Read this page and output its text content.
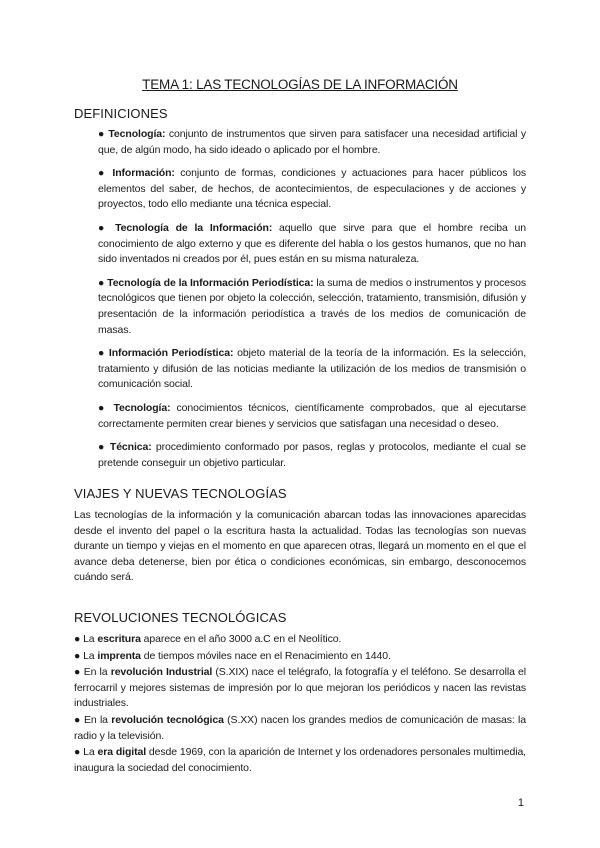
TEMA 1: LAS TECNOLOGÍAS DE LA INFORMACIÓN
DEFINICIONES

● Tecnología: conjunto de instrumentos que sirven para satisfacer una necesidad artificial y que, de algún modo, ha sido ideado o aplicado por el hombre.

● Información: conjunto de formas, condiciones y actuaciones para hacer públicos los elementos del saber, de hechos, de acontecimientos, de especulaciones y de acciones y proyectos, todo ello mediante una técnica especial.

● Tecnología de la Información: aquello que sirve para que el hombre reciba un conocimiento de algo externo y que es diferente del habla o los gestos humanos, que no han sido inventados ni creados por él, pues están en su misma naturaleza.

● Tecnología de la Información Periodística: la suma de medios o instrumentos y procesos tecnológicos que tienen por objeto la colección, selección, tratamiento, transmisión, difusión y presentación de la información periodística a través de los medios de comunicación de masas.

● Información Periodística: objeto material de la teoría de la información. Es la selección, tratamiento y difusión de las noticias mediante la utilización de los medios de transmisión o comunicación social.

● Tecnología: conocimientos técnicos, científicamente comprobados, que al ejecutarse correctamente permiten crear bienes y servicios que satisfagan una necesidad o deseo.

● Técnica: procedimiento conformado por pasos, reglas y protocolos, mediante el cual se pretende conseguir un objetivo particular.

VIAJES Y NUEVAS TECNOLOGÍAS

Las tecnologías de la información y la comunicación abarcan todas las innovaciones aparecidas desde el invento del papel o la escritura hasta la actualidad. Todas las tecnologías son nuevas durante un tiempo y viejas en el momento en que aparecen otras, llegará un momento en el que el avance deba detenerse, bien por ética o condiciones económicas, sin embargo, desconocemos cuándo será.

REVOLUCIONES TECNOLÓGICAS

● La escritura aparece en el año 3000 a.C en el Neolítico.

● La imprenta de tiempos móviles nace en el Renacimiento en 1440.

● En la revolución Industrial (S.XIX) nace el telégrafo, la fotografía y el teléfono. Se desarrolla el ferrocarril y mejores sistemas de impresión por lo que mejoran los periódicos y nacen las revistas industriales.

● En la revolución tecnológica (S.XX) nacen los grandes medios de comunicación de masas: la radio y la televisión.

● La era digital desde 1969, con la aparición de Internet y los ordenadores personales multimedia, inaugura la sociedad del conocimiento.

1
